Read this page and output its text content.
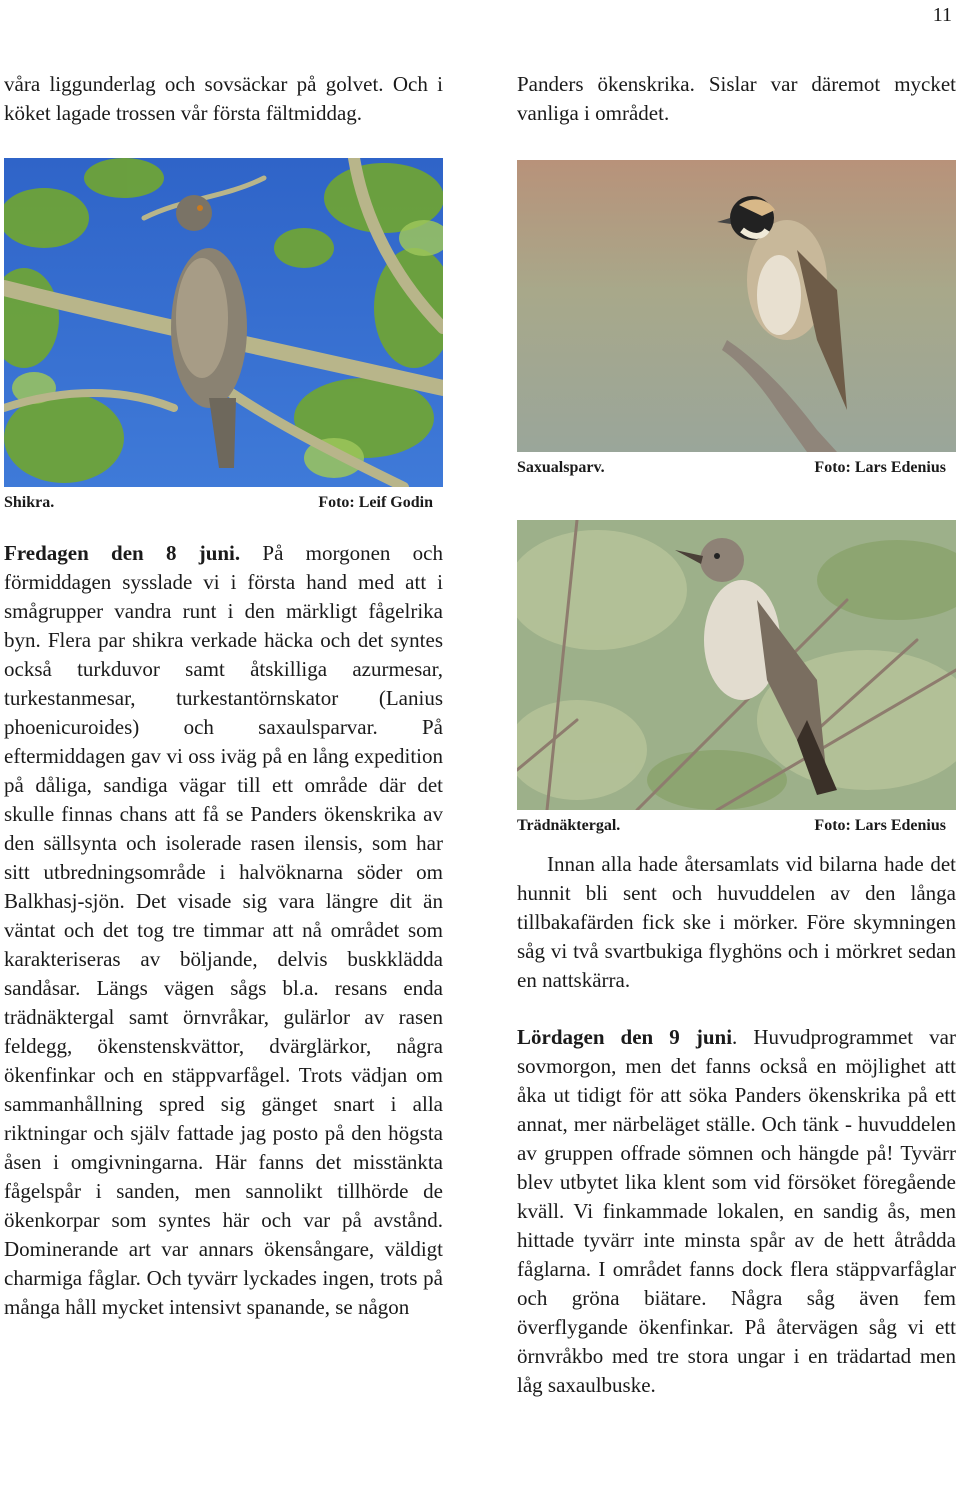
11

våra liggunderlag och sovsäckar på golvet. Och i köket lagade trossen vår första fältmiddag.

Shikra.	Foto: Leif Godin

Fredagen den 8 juni. På morgonen och förmiddagen sysslade vi i första hand med att i smågrupper vandra runt i den märkligt fågelrika byn. Flera par shikra verkade häcka och det syntes också turkduvor samt åtskilliga azurmesar, turkestanmesar, turkestantörnskator (Lanius phoenicuroides) och saxaulsparvar. På eftermiddagen gav vi oss iväg på en lång expedition på dåliga, sandiga vägar till ett område där det skulle finnas chans att få se Panders ökenskrika av den sällsynta och isolerade rasen ilensis, som har sitt utbredningsområde i halvöknarna söder om Balkhasj-sjön. Det visade sig vara längre dit än väntat och det tog tre timmar att nå området som karakteriseras av böljande, delvis buskklädda sandåsar. Längs vägen sågs bl.a. resans enda trädnäktergal samt örnvråkar, gulärlor av rasen feldegg, ökenstenskvättor, dvärglärkor, några ökenfinkar och en stäppvarfågel. Trots vädjan om sammanhållning spred sig gänget snart i alla riktningar och själv fattade jag posto på den högsta åsen i omgivningarna. Här fanns det misstänkta fågelspår i sanden, men sannolikt tillhörde de ökenkorpar som syntes här och var på avstånd. Dominerande art var annars ökensångare, väldigt charmiga fåglar. Och tyvärr lyckades ingen, trots på många håll mycket intensivt spanande, se någon

Panders ökenskrika. Sislar var däremot mycket vanliga i området.

Saxualsparv.	Foto: Lars Edenius
Trädnäktergal.	Foto: Lars Edenius

Innan alla hade återsamlats vid bilarna hade det hunnit bli sent och huvuddelen av den långa tillbakafärden fick ske i mörker. Före skymningen såg vi två svartbukiga flyghöns och i mörkret sedan en nattskärra.

Lördagen den 9 juni. Huvudprogrammet var sovmorgon, men det fanns också en möjlighet att åka ut tidigt för att söka Panders ökenskrika på ett annat, mer närbeläget ställe. Och tänk - huvuddelen av gruppen offrade sömnen och hängde på! Tyvärr blev utbytet lika klent som vid försöket föregående kväll. Vi finkammade lokalen, en sandig ås, men hittade tyvärr inte minsta spår av de hett åtrådda fåglarna. I området fanns dock flera stäppvarfåglar och gröna biätare. Några såg även fem överflygande ökenfinkar. På återvägen såg vi ett örnvråkbo med tre stora ungar i en trädartad men låg saxaulbuske.
